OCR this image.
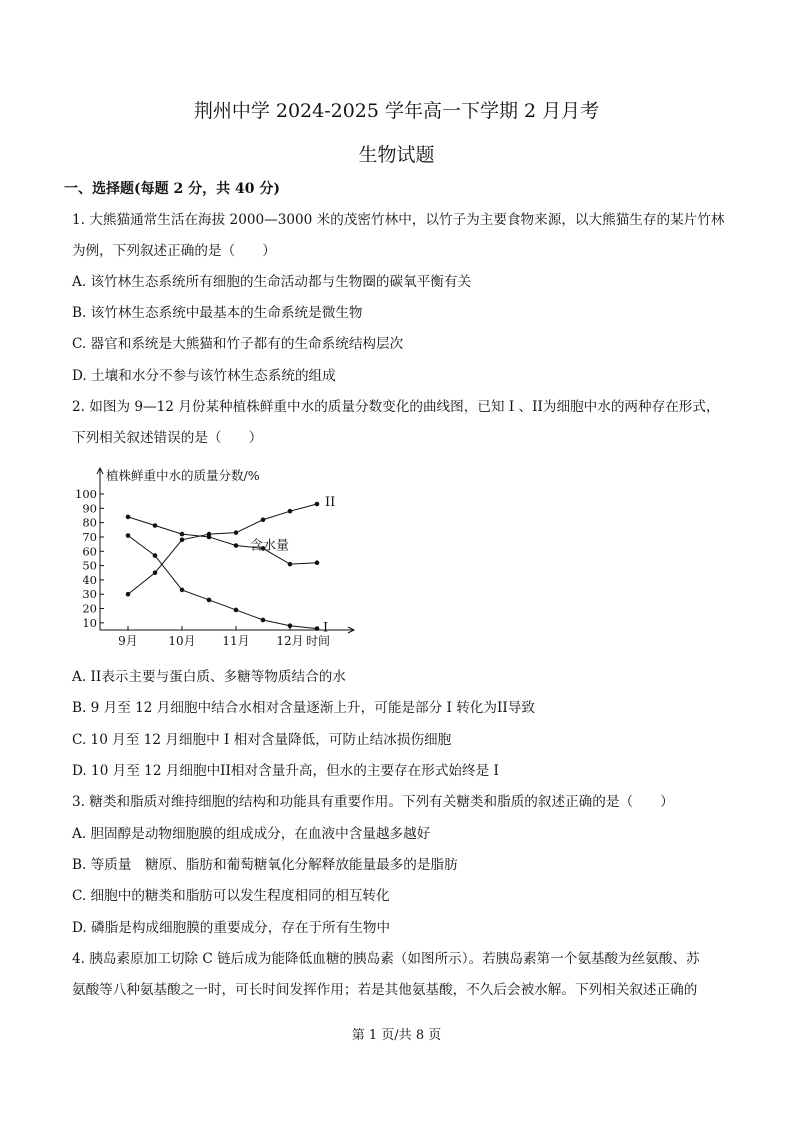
荆州中学 2024-2025 学年高一下学期 2 月月考
生物试题
一、选择题(每题 2 分，共 40 分)
1. 大熊猫通常生活在海拔 2000—3000 米的茂密竹林中，以竹子为主要食物来源，以大熊猫生存的某片竹林
为例，下列叙述正确的是（　　）
A. 该竹林生态系统所有细胞的生命活动都与生物圈的碳氧平衡有关
B. 该竹林生态系统中最基本的生命系统是微生物
C. 器官和系统是大熊猫和竹子都有的生命系统结构层次
D. 土壤和水分不参与该竹林生态系统的组成
2. 如图为 9—12 月份某种植株鲜重中水的质量分数变化的曲线图，已知 I 、II为细胞中水的两种存在形式，
下列相关叙述错误的是（　　）
植株鲜重中水的质量分数/%
10
20
30
40
50
60
70
80
90
100
9月	10月 11月 12月 时间
II
含水量
I
A. II表示主要与蛋白质、多糖等物质结合的水
B. 9 月至 12 月细胞中结合水相对含量逐渐上升，可能是部分 I 转化为II导致
C. 10 月至 12 月细胞中 I 相对含量降低，可防止结冰损伤细胞
D. 10 月至 12 月细胞中II相对含量升高，但水的主要存在形式始终是 I
3. 糖类和脂质对维持细胞的结构和功能具有重要作用。下列有关糖类和脂质的叙述正确的是（　　）
A. 胆固醇是动物细胞膜的组成成分，在血液中含量越多越好
B. 等质量　糖原、脂肪和葡萄糖氧化分解释放能量最多的是脂肪
C. 细胞中的糖类和脂肪可以发生程度相同的相互转化
D. 磷脂是构成细胞膜的重要成分，存在于所有生物中
4. 胰岛素原加工切除 C 链后成为能降低血糖的胰岛素（如图所示）。若胰岛素第一个氨基酸为丝氨酸、苏
氨酸等八种氨基酸之一时，可长时间发挥作用；若是其他氨基酸，不久后会被水解。下列相关叙述正确的
第 1 页/共 8 页
